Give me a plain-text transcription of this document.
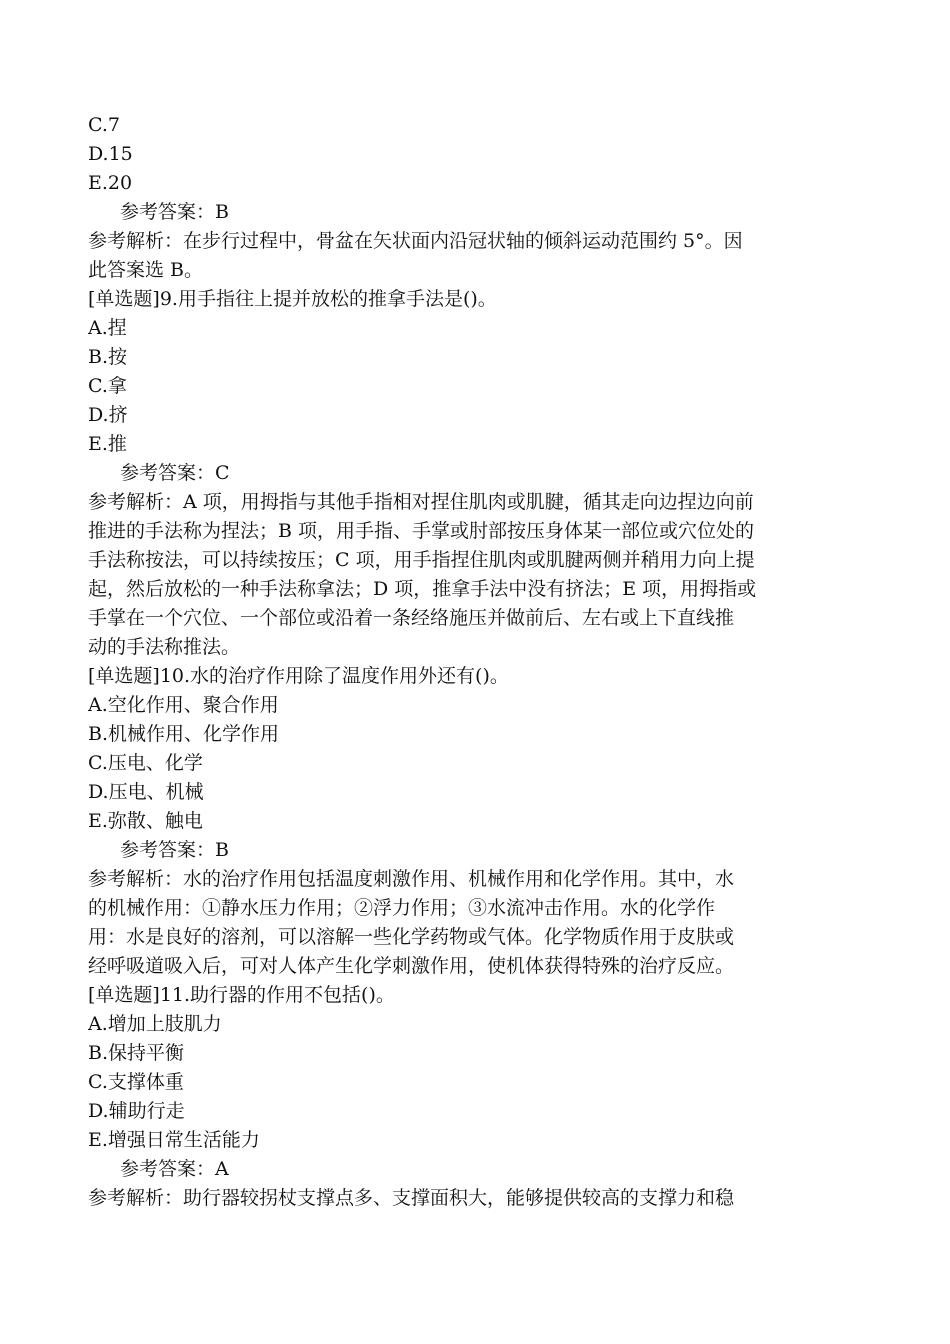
C.7
D.15
E.20
参考答案：B
参考解析：在步行过程中，骨盆在矢状面内沿冠状轴的倾斜运动范围约 5°。因
此答案选 B。
[单选题]9.用手指往上提并放松的推拿手法是()。
A.捏
B.按
C.拿
D.挤
E.推
参考答案：C
参考解析：A 项，用拇指与其他手指相对捏住肌肉或肌腱，循其走向边捏边向前
推进的手法称为捏法；B 项，用手指、手掌或肘部按压身体某一部位或穴位处的
手法称按法，可以持续按压；C 项，用手指捏住肌肉或肌腱两侧并稍用力向上提
起，然后放松的一种手法称拿法；D 项，推拿手法中没有挤法；E 项，用拇指或
手掌在一个穴位、一个部位或沿着一条经络施压并做前后、左右或上下直线推
动的手法称推法。
[单选题]10.水的治疗作用除了温度作用外还有()。
A.空化作用、聚合作用
B.机械作用、化学作用
C.压电、化学
D.压电、机械
E.弥散、触电
参考答案：B
参考解析：水的治疗作用包括温度刺激作用、机械作用和化学作用。其中，水
的机械作用：①静水压力作用；②浮力作用；③水流冲击作用。水的化学作
用：水是良好的溶剂，可以溶解一些化学药物或气体。化学物质作用于皮肤或
经呼吸道吸入后，可对人体产生化学刺激作用，使机体获得特殊的治疗反应。
[单选题]11.助行器的作用不包括()。
A.增加上肢肌力
B.保持平衡
C.支撑体重
D.辅助行走
E.增强日常生活能力
参考答案：A
参考解析：助行器较拐杖支撑点多、支撑面积大，能够提供较高的支撑力和稳
